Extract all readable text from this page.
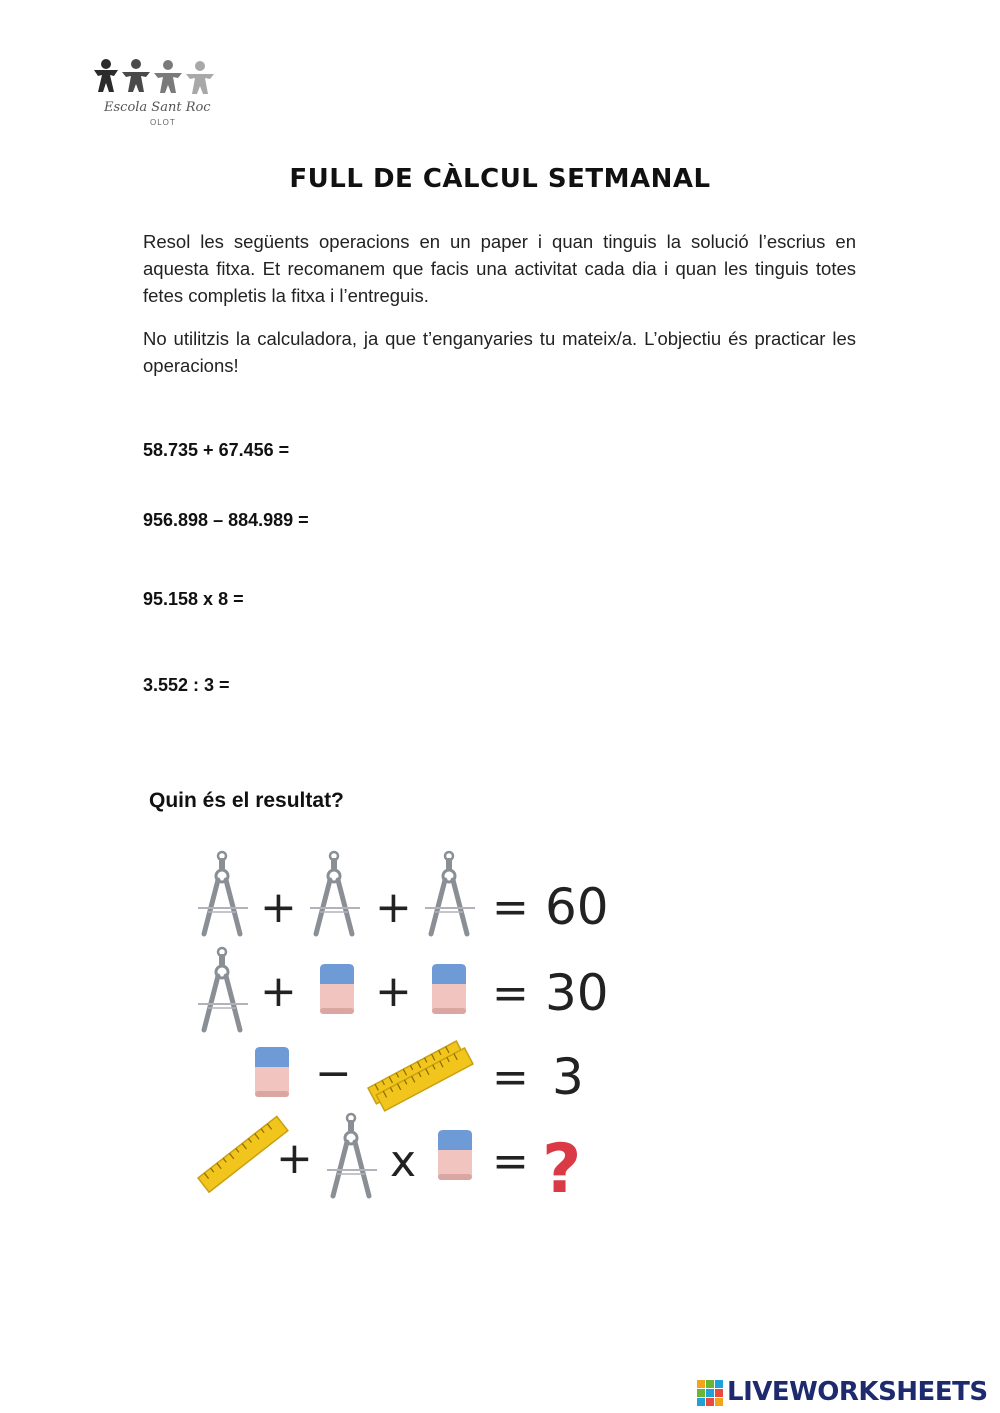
Escola Sant Roc
OLOT
FULL DE CÀLCUL SETMANAL
Resol les següents operacions en un paper i quan tinguis la solució l’escrius en aquesta fitxa. Et recomanem que facis una activitat cada dia i quan les tinguis totes fetes completis la fitxa i l’entreguis.
No utilitzis la calculadora, ja que t’enganyaries tu mateix/a. L’objectiu és practicar les operacions!
58.735 + 67.456 =
956.898 – 884.989 =
95.158 x 8 =
3.552 : 3 =
Quin és el resultat?
+ + = 60
+ + = 30
−	= 3
+ x = ?
LIVEWORKSHEETS
